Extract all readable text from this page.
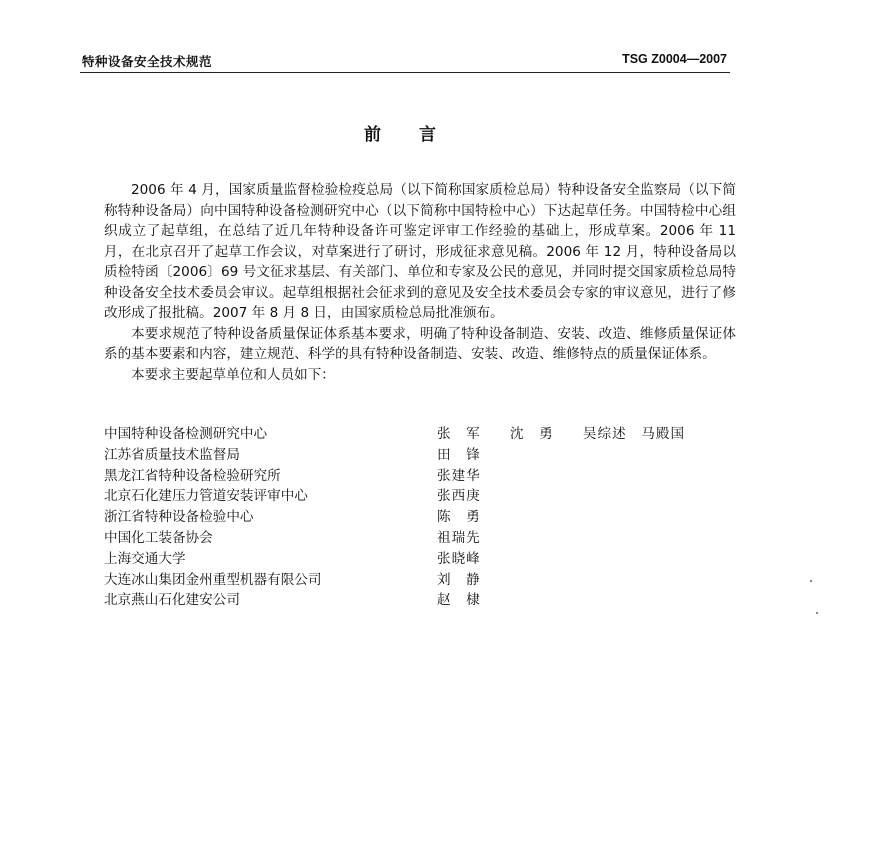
特种设备安全技术规范	TSG Z0004—2007
前言

2006 年 4 月，国家质量监督检验检疫总局（以下简称国家质检总局）特种设备安全监察局（以下简称特种设备局）向中国特种设备检测研究中心（以下简称中国特检中心）下达起草任务。中国特检中心组织成立了起草组，在总结了近几年特种设备许可鉴定评审工作经验的基础上，形成草案。2006 年 11 月，在北京召开了起草工作会议，对草案进行了研讨，形成征求意见稿。2006 年 12 月，特种设备局以质检特函〔2006〕69 号文征求基层、有关部门、单位和专家及公民的意见，并同时提交国家质检总局特种设备安全技术委员会审议。起草组根据社会征求到的意见及安全技术委员会专家的审议意见，进行了修改形成了报批稿。2007 年 8 月 8 日，由国家质检总局批准颁布。

本要求规范了特种设备质量保证体系基本要求，明确了特种设备制造、安装、改造、维修质量保证体系的基本要素和内容，建立规范、科学的具有特种设备制造、安装、改造、维修特点的质量保证体系。

本要求主要起草单位和人员如下：

中国特种设备检测研究中心	张　军　　沈　勇　　吴综述　马殿国
江苏省质量技术监督局	田　锋
黑龙江省特种设备检验研究所	张建华
北京石化建压力管道安装评审中心	张西庚
浙江省特种设备检验中心	陈　勇
中国化工装备协会	祖瑞先
上海交通大学	张晓峰
大连冰山集团金州重型机器有限公司	刘　静
北京燕山石化建安公司	赵　棣
